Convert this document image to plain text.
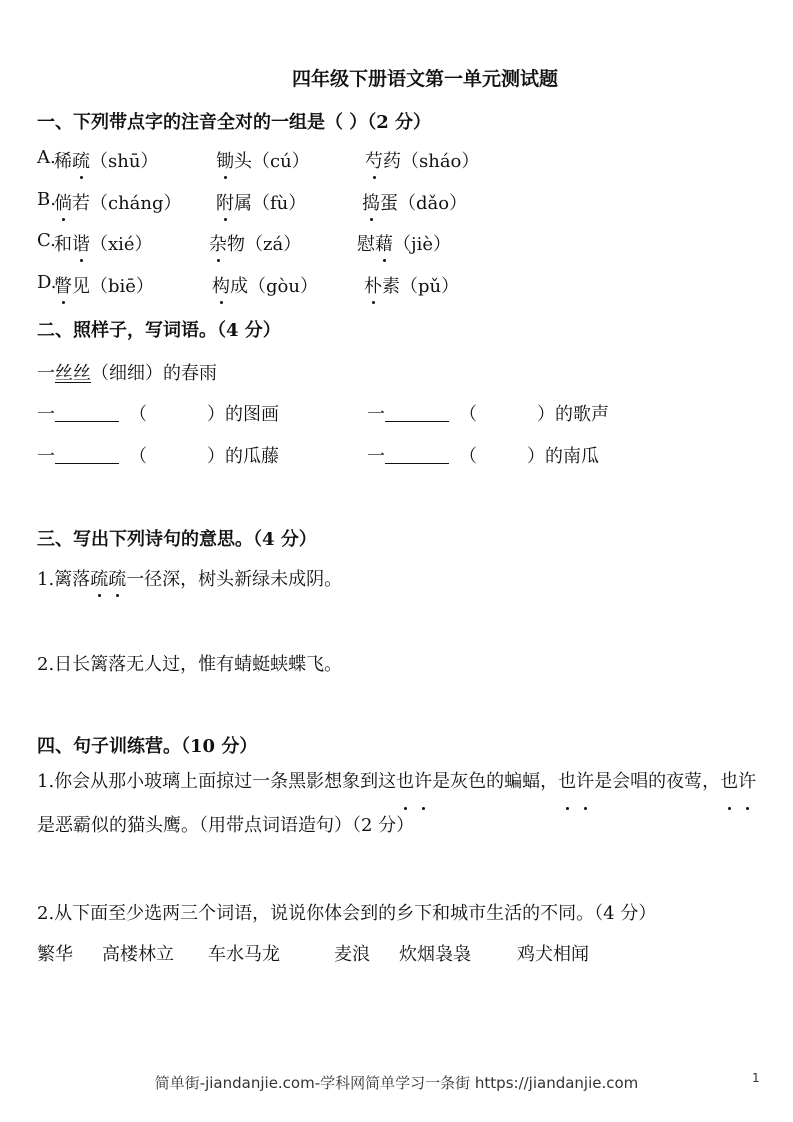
四年级下册语文第一单元测试题
一、下列带点字的注音全对的一组是（ ）（2 分）
A.
稀疏（shū）	锄头（cú）	芍药（sháo）
B.
倘若（cháng） 附属（fù）	捣蛋（dǎo）
C.
和谐（xié）	杂物（zá）	慰藉（jiè）
D.
瞥见（biē）	构成（gòu）	朴素（pǔ）
二、照样子，写词语。（4 分）
一丝丝（细细）的春雨
一	（	）的图画	一	（	）的歌声
一	（	）的瓜藤	一	（	）的南瓜
三、写出下列诗句的意思。（4 分）
1.篱落疏疏一径深，树头新绿未成阴。
2.日长篱落无人过，惟有蜻蜓蛱蝶飞。
四、句子训练营。（10 分）
1.你会从那小玻璃上面掠过一条黑影想象到这也许是灰色的蝙蝠，也许是会唱的夜莺，也许是恶霸似的猫头鹰。（用带点词语造句）（2 分）
2.从下面至少选两三个词语，说说你体会到的乡下和城市生活的不同。（4 分）
繁华 高楼林立 车水马龙	麦浪 炊烟袅袅	鸡犬相闻
简单街-jiandanjie.com-学科网简单学习一条街 https://jiandanjie.com	1
